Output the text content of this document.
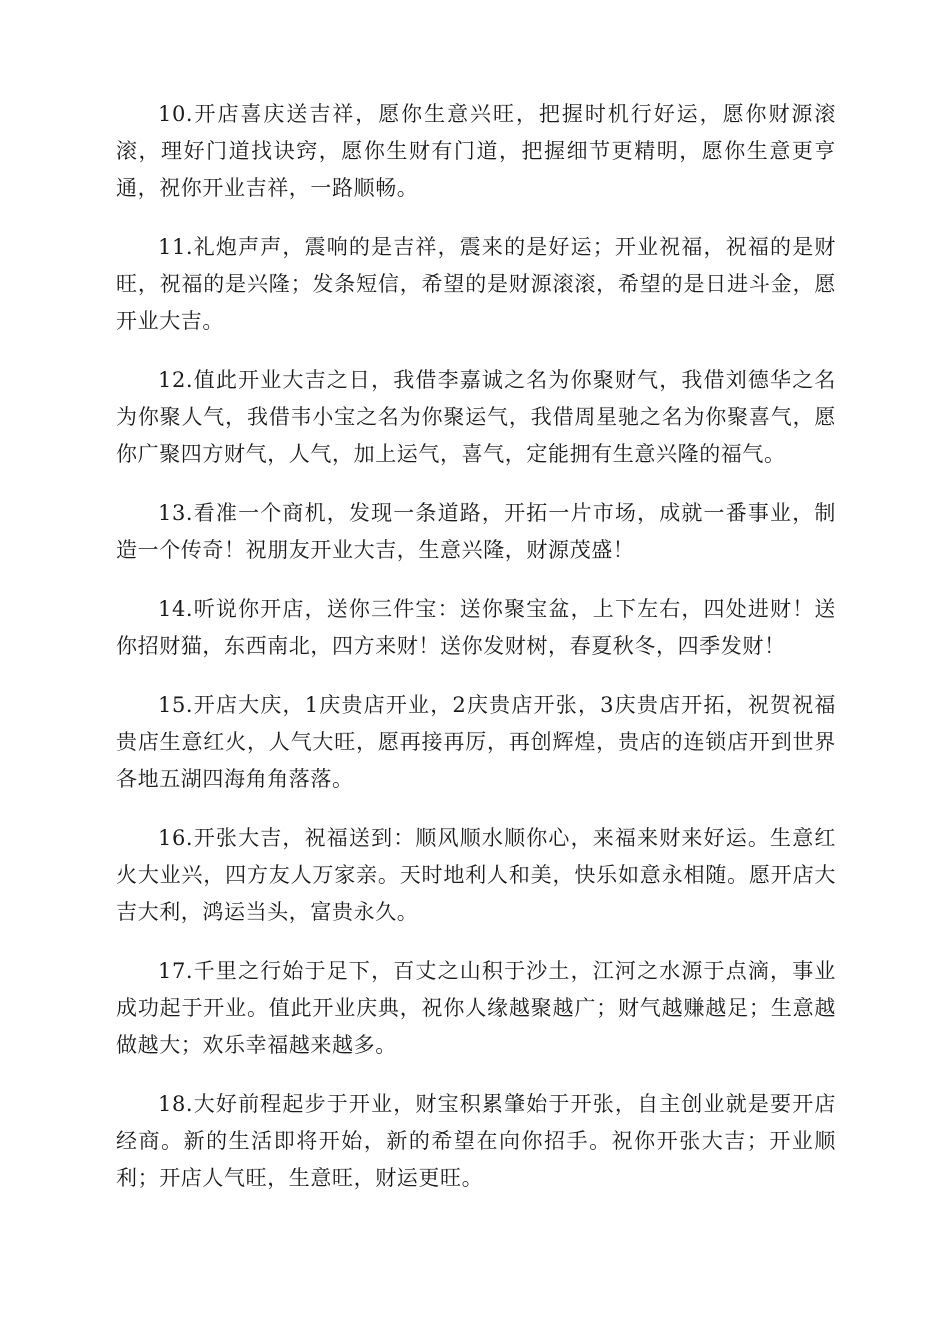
10.开店喜庆送吉祥，愿你生意兴旺，把握时机行好运，愿你财源滚滚，理好门道找诀窍，愿你生财有门道，把握细节更精明，愿你生意更亨通，祝你开业吉祥，一路顺畅。

11.礼炮声声，震响的是吉祥，震来的是好运；开业祝福，祝福的是财旺，祝福的是兴隆；发条短信，希望的是财源滚滚，希望的是日进斗金，愿开业大吉。

12.值此开业大吉之日，我借李嘉诚之名为你聚财气，我借刘德华之名为你聚人气，我借韦小宝之名为你聚运气，我借周星驰之名为你聚喜气，愿你广聚四方财气，人气，加上运气，喜气，定能拥有生意兴隆的福气。

13.看准一个商机，发现一条道路，开拓一片市场，成就一番事业，制造一个传奇！祝朋友开业大吉，生意兴隆，财源茂盛！

14.听说你开店，送你三件宝：送你聚宝盆，上下左右，四处进财！送你招财猫，东西南北，四方来财！送你发财树，春夏秋冬，四季发财！

15.开店大庆，1庆贵店开业，2庆贵店开张，3庆贵店开拓，祝贺祝福贵店生意红火，人气大旺，愿再接再厉，再创辉煌，贵店的连锁店开到世界各地五湖四海角角落落。

16.开张大吉，祝福送到：顺风顺水顺你心，来福来财来好运。生意红火大业兴，四方友人万家亲。天时地利人和美，快乐如意永相随。愿开店大吉大利，鸿运当头，富贵永久。

17.千里之行始于足下，百丈之山积于沙土，江河之水源于点滴，事业成功起于开业。值此开业庆典，祝你人缘越聚越广；财气越赚越足；生意越做越大；欢乐幸福越来越多。

18.大好前程起步于开业，财宝积累肇始于开张，自主创业就是要开店经商。新的生活即将开始，新的希望在向你招手。祝你开张大吉；开业顺利；开店人气旺，生意旺，财运更旺。
